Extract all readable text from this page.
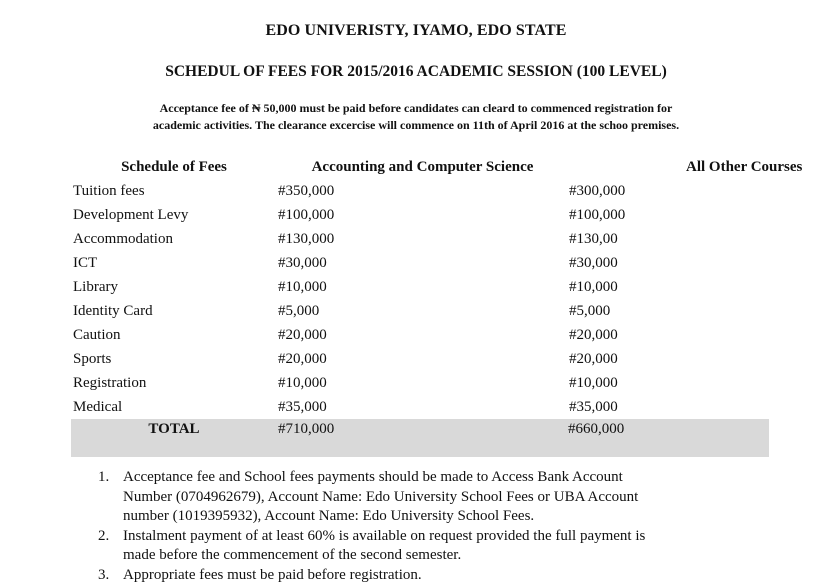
EDO UNIVERISTY, IYAMO, EDO STATE
SCHEDUL OF FEES FOR 2015/2016 ACADEMIC SESSION (100 LEVEL)
Acceptance fee of ₦ 50,000 must be paid before candidates can cleard to commenced registration for
academic activities. The clearance excercise will commence on 11th of April 2016 at the schoo premises.
Schedule of Fees	Accounting and Computer Science	All Other Courses
Tuition fees	#350,000	#300,000
Development Levy	#100,000	#100,000
Accommodation	#130,000	#130,00
ICT	#30,000	#30,000
Library	#10,000	#10,000
Identity Card	#5,000	#5,000
Caution	#20,000	#20,000
Sports	#20,000	#20,000
Registration	#10,000	#10,000
Medical	#35,000	#35,000
TOTAL	#710,000	#660,000
1. Acceptance fee and School fees payments should be made to Access Bank Account
Number (0704962679), Account Name: Edo University School Fees or UBA Account
number (1019395932), Account Name: Edo University School Fees.
2. Instalment payment of at least 60% is available on request provided the full payment is
made before the commencement of the second semester.
3. Appropriate fees must be paid before registration.
